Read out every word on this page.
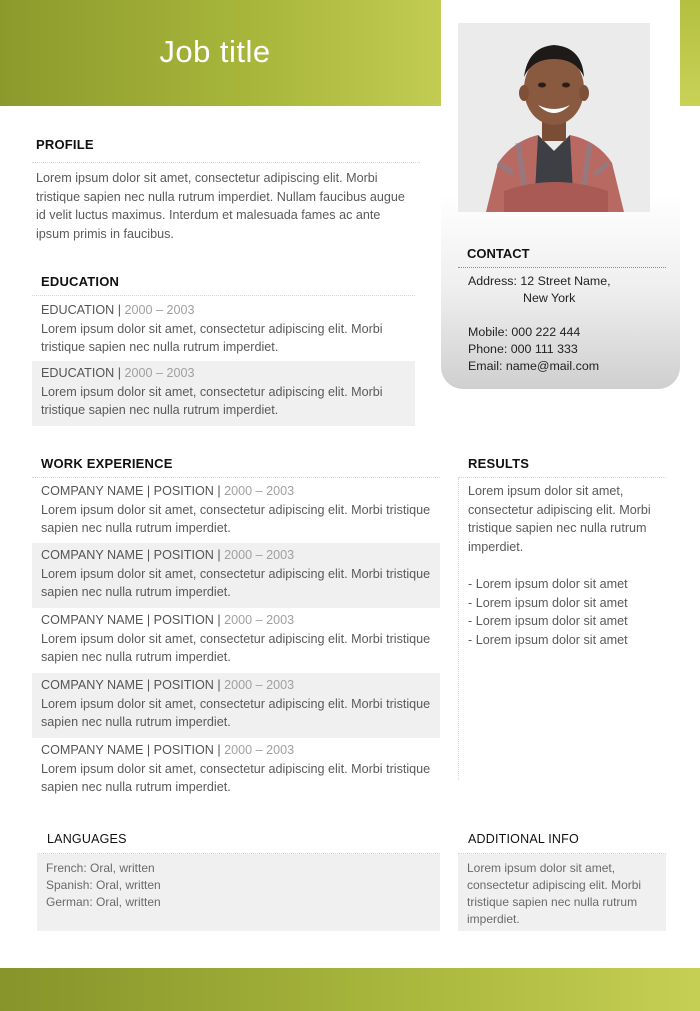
Job title
CONTACT
Address: 12 Street Name,
New York
Mobile: 000 222 444
Phone: 000 111 333
Email: name@mail.com
PROFILE
Lorem ipsum dolor sit amet, consectetur adipiscing elit. Morbi tristique sapien nec nulla rutrum imperdiet. Nullam faucibus augue id velit luctus maximus. Interdum et malesuada fames ac ante ipsum primis in faucibus.
EDUCATION
EDUCATION | 2000 – 2003
Lorem ipsum dolor sit amet, consectetur adipiscing elit. Morbi tristique sapien nec nulla rutrum imperdiet.
EDUCATION | 2000 – 2003
Lorem ipsum dolor sit amet, consectetur adipiscing elit. Morbi tristique sapien nec nulla rutrum imperdiet.
WORK EXPERIENCE
COMPANY NAME | POSITION | 2000 – 2003
Lorem ipsum dolor sit amet, consectetur adipiscing elit. Morbi tristique sapien nec nulla rutrum imperdiet.
COMPANY NAME | POSITION | 2000 – 2003
Lorem ipsum dolor sit amet, consectetur adipiscing elit. Morbi tristique sapien nec nulla rutrum imperdiet.
COMPANY NAME | POSITION | 2000 – 2003
Lorem ipsum dolor sit amet, consectetur adipiscing elit. Morbi tristique sapien nec nulla rutrum imperdiet.
COMPANY NAME | POSITION | 2000 – 2003
Lorem ipsum dolor sit amet, consectetur adipiscing elit. Morbi tristique sapien nec nulla rutrum imperdiet.
COMPANY NAME | POSITION | 2000 – 2003
Lorem ipsum dolor sit amet, consectetur adipiscing elit. Morbi tristique sapien nec nulla rutrum imperdiet.
RESULTS
Lorem ipsum dolor sit amet, consectetur adipiscing elit. Morbi tristique sapien nec nulla rutrum imperdiet.
- Lorem ipsum dolor sit amet
- Lorem ipsum dolor sit amet
- Lorem ipsum dolor sit amet
- Lorem ipsum dolor sit amet
LANGUAGES
French: Oral, written
Spanish: Oral, written
German: Oral, written
ADDITIONAL INFO
Lorem ipsum dolor sit amet, consectetur adipiscing elit. Morbi tristique sapien nec nulla rutrum imperdiet.
